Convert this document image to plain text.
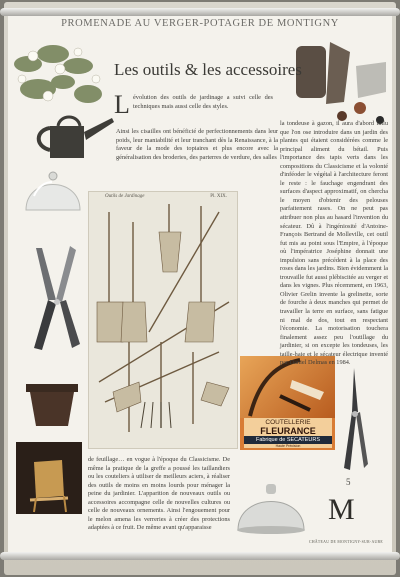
PROMENADE AU VERGER-POTAGER DE MONTIGNY
Outils de Jardinage	Pl. XIX.
COUTELLERIE
FLEURANCE
Fabrique de SECATEURS
Haute Précision
Les outils & les accessoires
L évolution des outils de jardinage a suivi celle des techniques mais aussi celle des styles.
Ainsi les cisailles ont bénéficié de perfectionnements dans leur poids, leur maniabilité et leur tranchant dès la Renaissance, à la faveur de la mode des topiaires et plus encore avec la généralisation des broderies, des parterres de verdure, des salles
la tondeuse à gazon, il aura d'abord fallu que l'on ose introduire dans un jardin des plantes qui étaient considérées comme le principal aliment du bétail. Puis l'importance des tapis verts dans les compositions du Classicisme et la volonté d'inféoder le végétal à l'architecture feront le reste : le fauchage engendrant des surfaces d'aspect approximatif, on chercha le moyen d'obtenir des pelouses parfaitement rases. On ne peut pas attribuer non plus au hasard l'invention du sécateur. Dû à l'ingéniosité d'Antoine-François Bertrand de Molleville, cet outil fut mis au point sous l'Empire, à l'époque où l'impératrice Joséphine donnait une impulsion sans précédent à la place des roses dans les jardins. Bien évidemment la trouvaille fut aussi plébiscitée au verger et dans les vignes. Plus récemment, en 1963, Olivier Grelin invente la grelinette, sorte de fourche à deux manches qui permet de travailler la terre en surface, sans fatigue ni mal de dos, tout en respectant l'économie. La motorisation touchera finalement assez peu l'outillage du jardinier, si on excepte les tondeuses, les taille-haie et le sécateur électrique inventé par Daniel Delmas en 1984.
de feuillage… en vogue à l'époque du Classicisme. De même la pratique de la greffe a poussé les taillandiers ou les couteliers à utiliser de meilleurs aciers, à réaliser des outils de moins en moins lourds pour ménager la peine du jardinier. L'apparition de nouveaux outils ou accessoires accompagne celle de nouvelles cultures ou celle de nouveaux ornements. Ainsi l'engouement pour le melon amena les verreries à créer des protections adaptées à ce fruit. De même avant qu'apparaisse
5
M
CHÂTEAU DE MONTIGNY-SUR-AUBE
